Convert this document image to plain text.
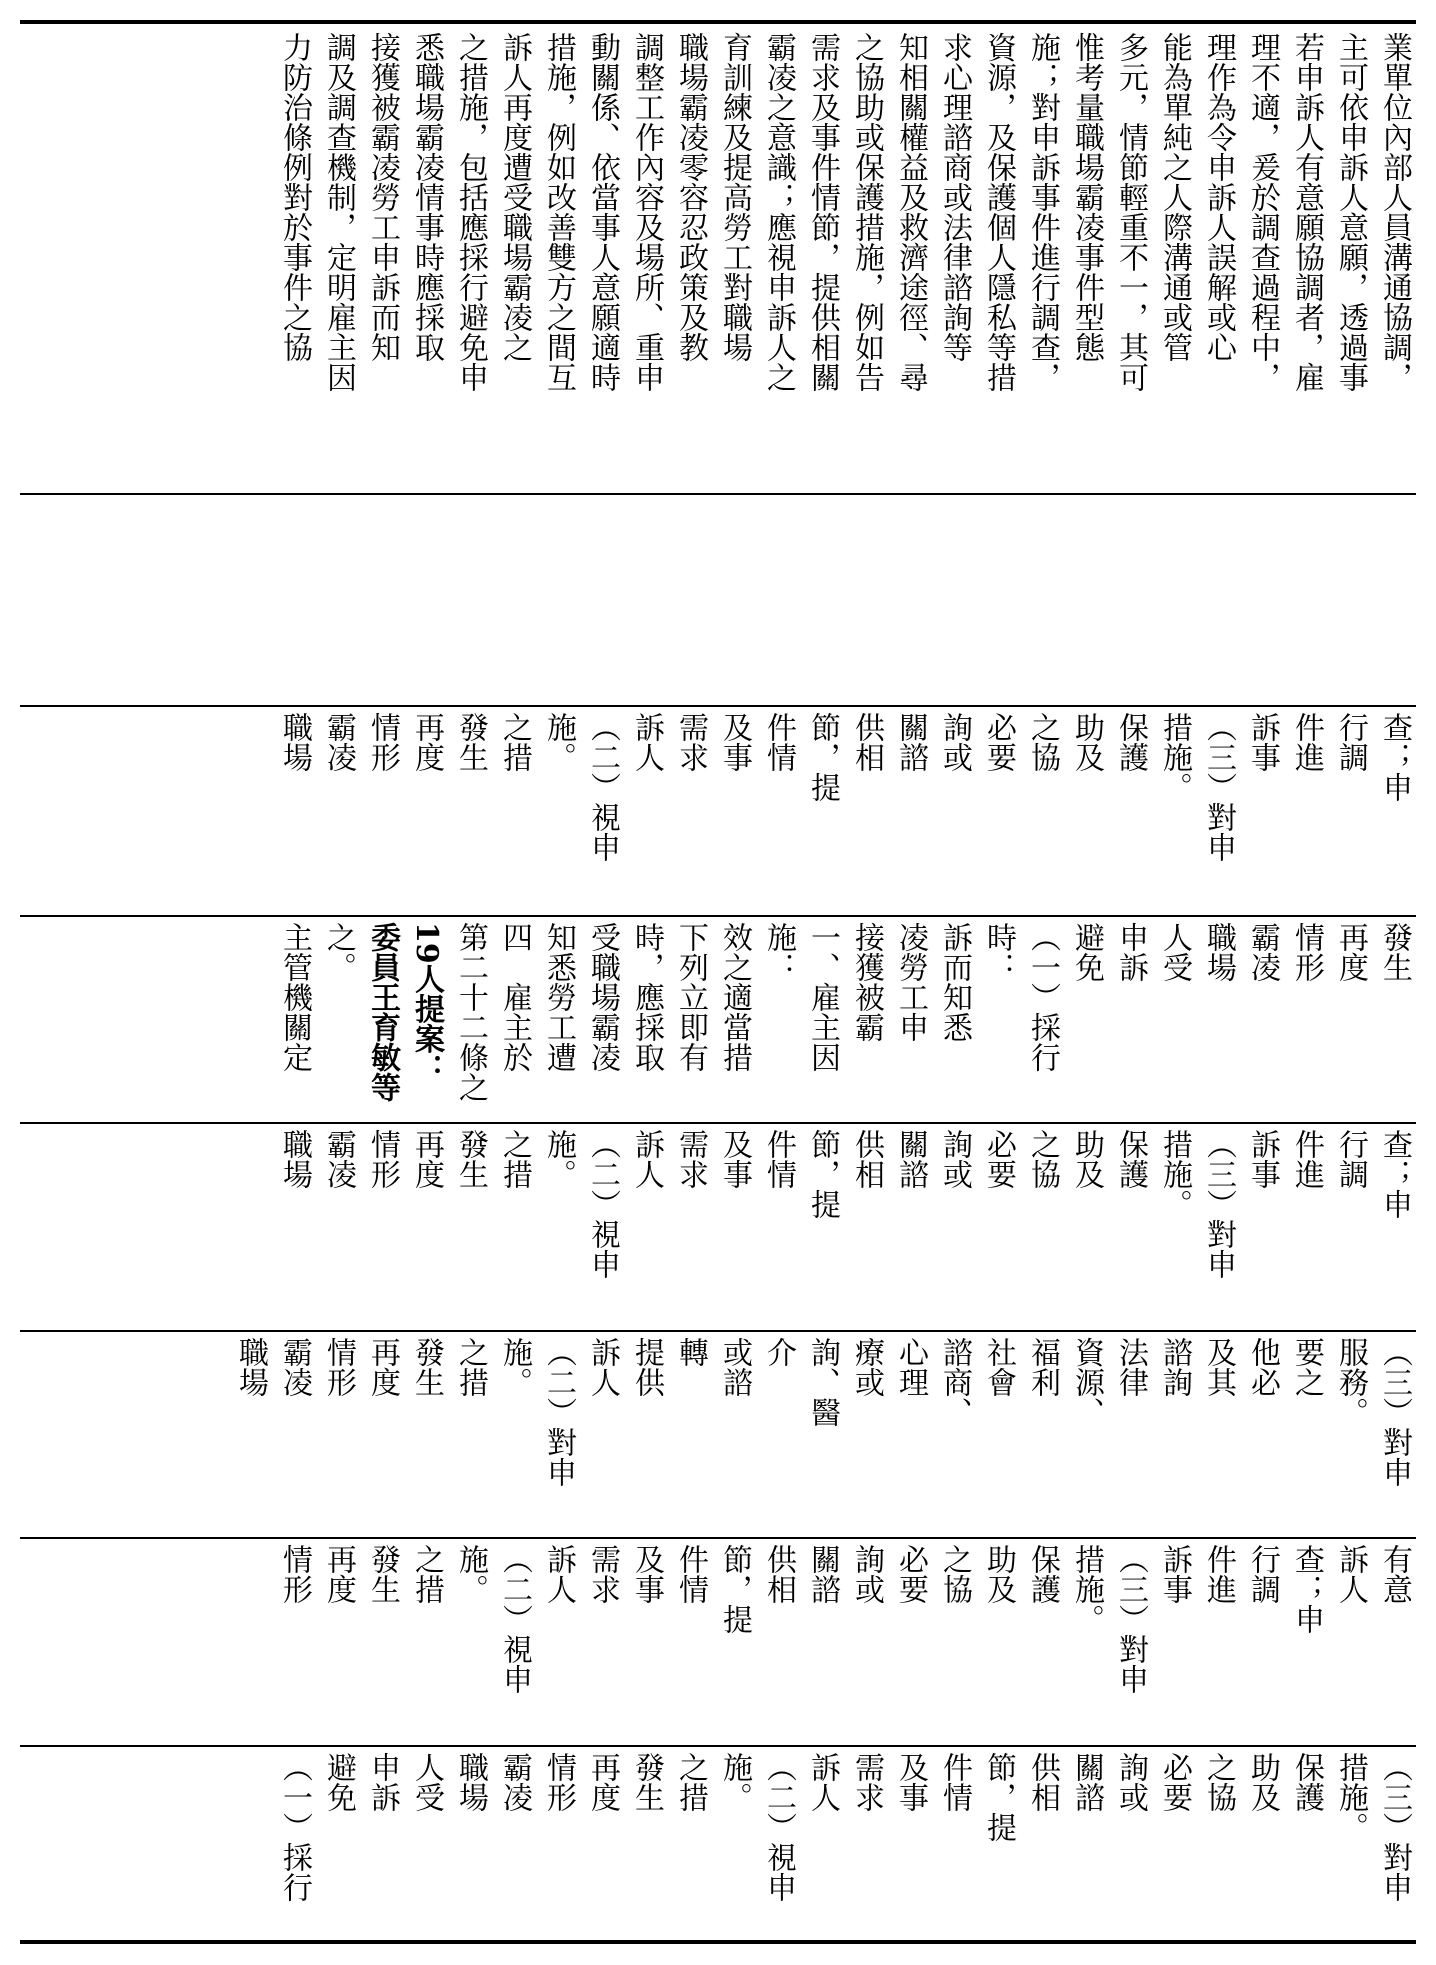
業單位內部人員溝通協調，
主可依申訴人意願，透過事
若申訴人有意願協調者，雇
理不適，爰於調查過程中，
理作為令申訴人誤解或心
能為單純之人際溝通或管
多元，情節輕重不一，其可
惟考量職場霸凌事件型態
施；對申訴事件進行調查，
資源，及保護個人隱私等措
求心理諮商或法律諮詢等
知相關權益及救濟途徑、尋
之協助或保護措施，例如告
需求及事件情節，提供相關
霸凌之意識；應視申訴人之
育訓練及提高勞工對職場
職場霸凌零容忍政策及教
調整工作內容及場所、重申
動關係、依當事人意願適時
措施，例如改善雙方之間互
訴人再度遭受職場霸凌之
之措施，包括應採行避免申
悉職場霸凌情事時應採取
接獲被霸凌勞工申訴而知
調及調查機制，定明雇主因
力防治條例對於事件之協
查；申
行調
件進
訴事
（三）對申
措施。
保護
助及
之協
必要
詢或
關諮
供相
節，提
件情
及事
需求
訴人
（二）視申
施。
之措
發生
再度
情形
霸凌
職場
發生
再度
情形
霸凌
職場
人受
申訴
避免
（一）採行
時：
訴而知悉
凌勞工申
接獲被霸
一、雇主因
施：
效之適當措
下列立即有
時，應採取
受職場霸凌
知悉勞工遭
四　雇主於
第二十二條之
19人提案：
委員王育敏等
之。
主管機關定
查；申
行調
件進
訴事
（三）對申
措施。
保護
助及
之協
必要
詢或
關諮
供相
節，提
件情
及事
需求
訴人
（二）視申
施。
之措
發生
再度
情形
霸凌
職場
（三）對申
服務。
要之
他必
及其
諮詢
法律
資源、
福利
社會
諮商、
心理
療或
詢、醫
介
或諮
轉
提供
訴人
（二）對申
施。
之措
發生
再度
情形
霸凌
職場
有意
訴人
查；申
行調
件進
訴事
（三）對申
措施。
保護
助及
之協
必要
詢或
關諮
供相
節，提
件情
及事
需求
訴人
（二）視申
施。
之措
發生
再度
情形
（三）對申
措施。
保護
助及
之協
必要
詢或
關諮
供相
節，提
件情
及事
需求
訴人
（二）視申
施。
之措
發生
再度
情形
霸凌
職場
人受
申訴
避免
（一）採行
